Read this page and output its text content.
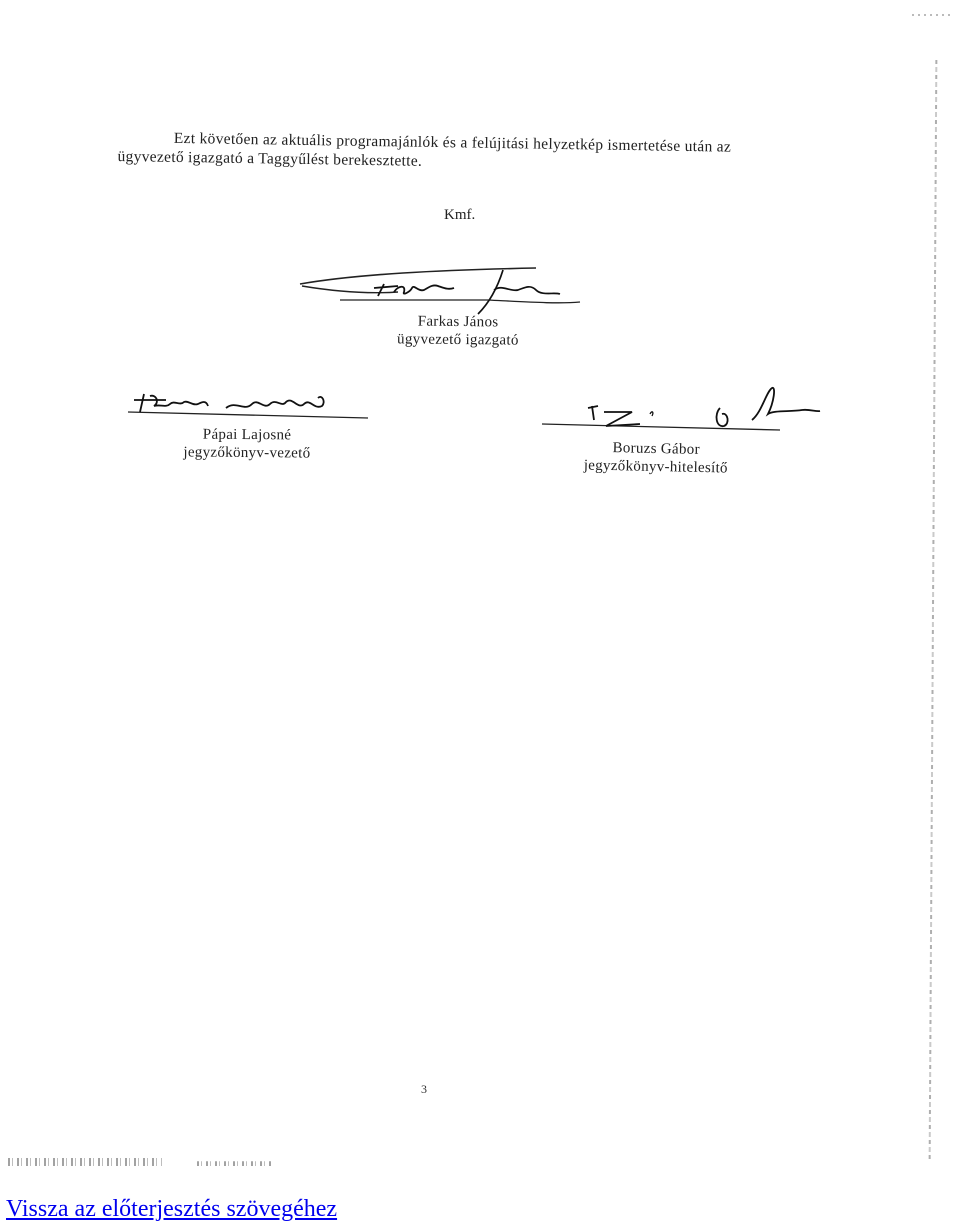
Ezt követően az aktuális programajánlók és a felújitási helyzetkép ismertetése után az
ügyvezető igazgató a Taggyűlést berekesztette.
Kmf.
Farkas János
ügyvezető igazgató
Pápai Lajosné
jegyzőkönyv-vezető	Boruzs Gábor
jegyzőkönyv-hitelesítő
3
Vissza az előterjesztés szövegéhez
